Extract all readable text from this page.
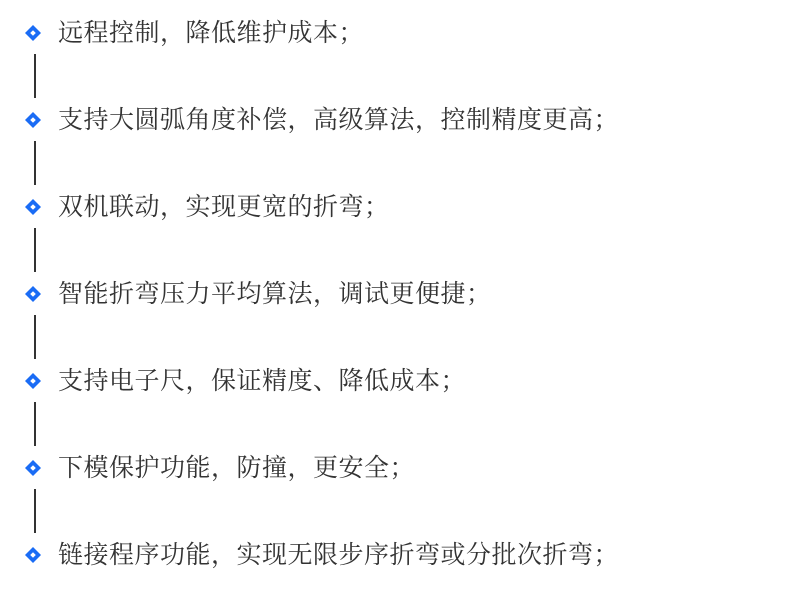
远程控制，降低维护成本；
支持大圆弧角度补偿，高级算法，控制精度更高；
双机联动，实现更宽的折弯；
智能折弯压力平均算法，调试更便捷；
支持电子尺，保证精度、降低成本；
下模保护功能，防撞，更安全；
链接程序功能，实现无限步序折弯或分批次折弯；
